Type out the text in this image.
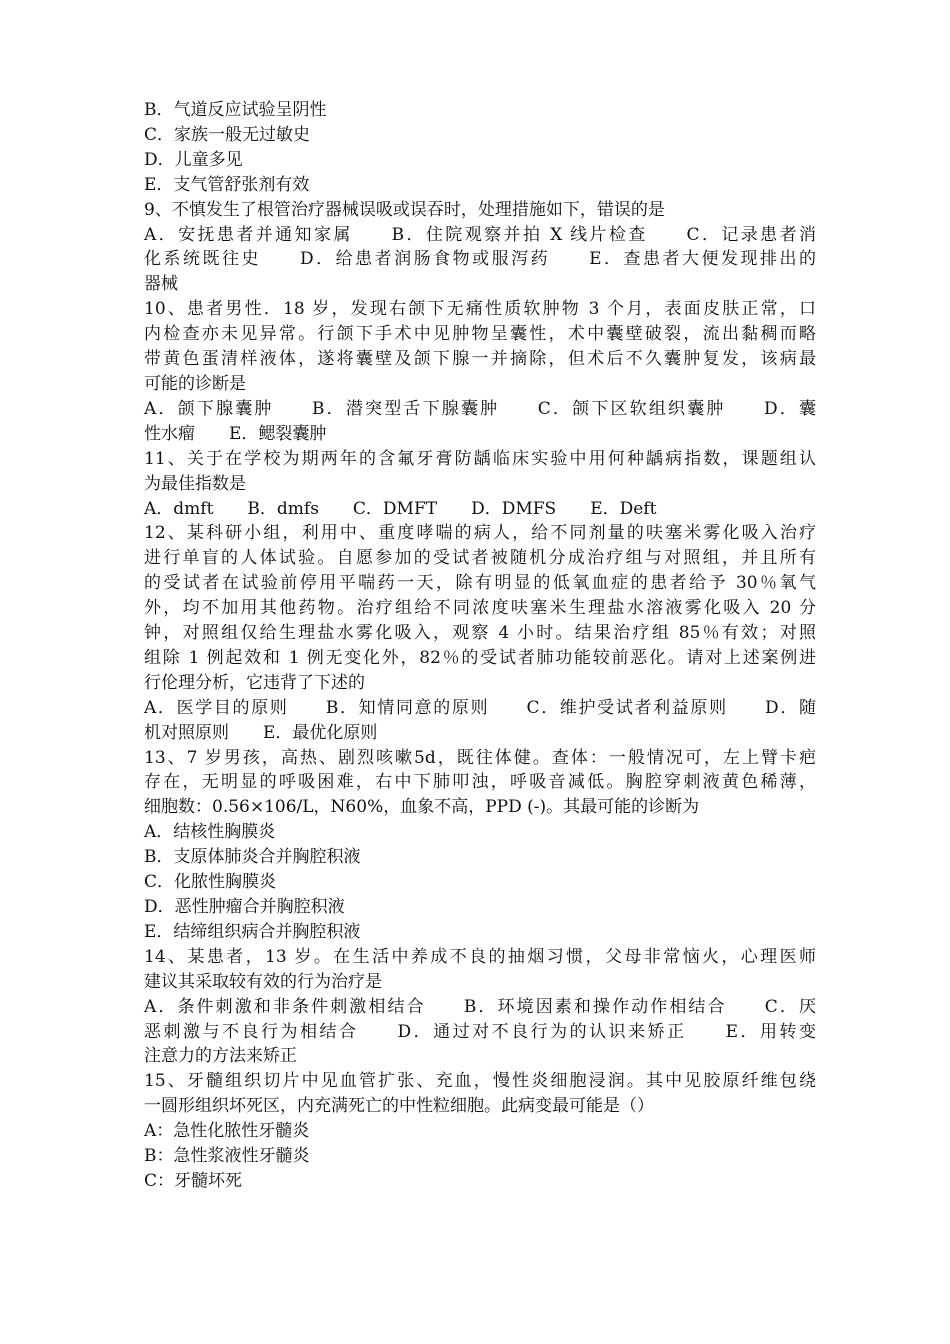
B．气道反应试验呈阴性
C．家族一般无过敏史
D．儿童多见
E．支气管舒张剂有效
9、不慎发生了根管治疗器械误吸或误吞时，处理措施如下，错误的是
A．安抚患者并通知家属　　B．住院观察并拍 X 线片检查　　C．记录患者消
化系统既往史　　D．给患者润肠食物或服泻药　　E．查患者大便发现排出的
器械
10、患者男性．18 岁，发现右颌下无痛性质软肿物 3 个月，表面皮肤正常，口
内检查亦未见异常。行颌下手术中见肿物呈囊性，术中囊壁破裂，流出黏稠而略
带黄色蛋清样液体，遂将囊壁及颌下腺一并摘除，但术后不久囊肿复发，该病最
可能的诊断是
A．颌下腺囊肿　　B．潜突型舌下腺囊肿　　C．颌下区软组织囊肿　　D．囊
性水瘤　　E．鳃裂囊肿
11、关于在学校为期两年的含氟牙膏防龋临床实验中用何种龋病指数，课题组认
为最佳指数是
A．dmft　　B．dmfs　　C．DMFT　　D．DMFS　　E．Deft
12、某科研小组，利用中、重度哮喘的病人，给不同剂量的呋塞米雾化吸入治疗
进行单盲的人体试验。自愿参加的受试者被随机分成治疗组与对照组，并且所有
的受试者在试验前停用平喘药一天，除有明显的低氧血症的患者给予 30％氧气
外，均不加用其他药物。治疗组给不同浓度呋塞米生理盐水溶液雾化吸入 20 分
钟，对照组仅给生理盐水雾化吸入，观察 4 小时。结果治疗组 85％有效；对照
组除 1 例起效和 1 例无变化外，82％的受试者肺功能较前恶化。请对上述案例进
行伦理分析，它违背了下述的
A．医学目的原则　　B．知情同意的原则　　C．维护受试者利益原则　　D．随
机对照原则　　E．最优化原则
13、7 岁男孩，高热、剧烈咳嗽5d，既往体健。查体：一般情况可，左上臂卡疤
存在，无明显的呼吸困难，右中下肺叩浊，呼吸音减低。胸腔穿刺液黄色稀薄，
细胞数：0.56×106/L，N60%，血象不高，PPD (-)。其最可能的诊断为
A．结核性胸膜炎
B．支原体肺炎合并胸腔积液
C．化脓性胸膜炎
D．恶性肿瘤合并胸腔积液
E．结缔组织病合并胸腔积液
14、某患者，13 岁。在生活中养成不良的抽烟习惯，父母非常恼火，心理医师
建议其采取较有效的行为治疗是
A．条件刺激和非条件刺激相结合　　B．环境因素和操作动作相结合　　C．厌
恶刺激与不良行为相结合　　D．通过对不良行为的认识来矫正　　E．用转变
注意力的方法来矫正
15、牙髓组织切片中见血管扩张、充血，慢性炎细胞浸润。其中见胶原纤维包绕
一圆形组织坏死区，内充满死亡的中性粒细胞。此病变最可能是（）
A：急性化脓性牙髓炎
B：急性浆液性牙髓炎
C：牙髓坏死
